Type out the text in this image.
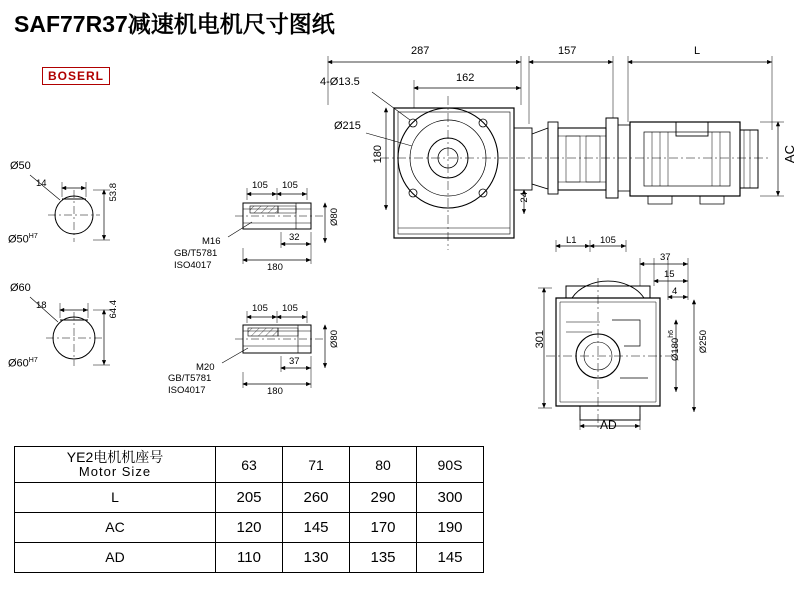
SAF77R37减速机电机尺寸图纸
BOSERL
Ø50
14	53.8
$Ø50^{H7}$
Ø60
18	64.4
$Ø60^{H7}$
105 105
32
M16
GB/T5781
ISO4017	180
Ø80
105 105
37
M20
GB/T5781
ISO4017	180
Ø80
287
162
157	L
4-Ø13.5
Ø215
180
24
AC
L1 105
37
15
4
301	$Ø180^{h6}$	Ø250
AD
YE2电机机座号
Motor Size	63	71	80	90S
L	205	260	290	300
AC	120	145	170	190
AD	110	130	135	145
